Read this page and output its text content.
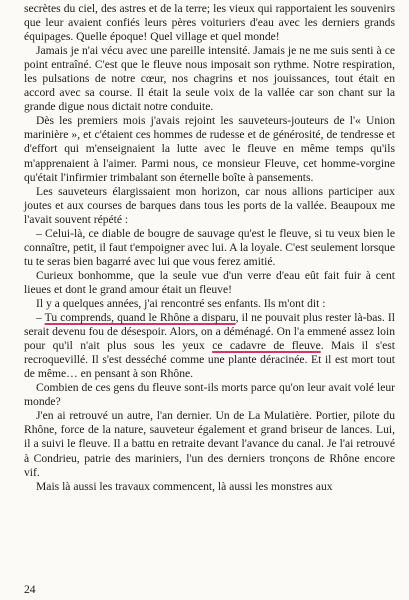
secrètes du ciel, des astres et de la terre; les vieux qui rapportaient les souvenirs que leur avaient confiés leurs pères voituriers d'eau avec les derniers grands équipages. Quelle époque! Quel village et quel monde!

Jamais je n'ai vécu avec une pareille intensité. Jamais je ne me suis senti à ce point entraîné. C'est que le fleuve nous imposait son rythme. Notre respiration, les pulsations de notre cœur, nos chagrins et nos jouissances, tout était en accord avec sa course. Il était la seule voix de la vallée car son chant sur la grande digue nous dictait notre conduite.

Dès les premiers mois j'avais rejoint les sauveteurs-jouteurs de l'« Union marinière », et c'étaient ces hommes de rudesse et de générosité, de tendresse et d'effort qui m'enseignaient la lutte avec le fleuve en même temps qu'ils m'apprenaient à l'aimer. Parmi nous, ce monsieur Fleuve, cet homme-vorgine qu'était l'infirmier trimbalant son éternelle boîte à pansements.

Les sauveteurs élargissaient mon horizon, car nous allions participer aux joutes et aux courses de barques dans tous les ports de la vallée. Beaupoux me l'avait souvent répété :

– Celui-là, ce diable de bougre de sauvage qu'est le fleuve, si tu veux bien le connaître, petit, il faut t'empoigner avec lui. A la loyale. C'est seulement lorsque tu te seras bien bagarré avec lui que vous ferez amitié.

Curieux bonhomme, que la seule vue d'un verre d'eau eût fait fuir à cent lieues et dont le grand amour était un fleuve!

Il y a quelques années, j'ai rencontré ses enfants. Ils m'ont dit :

– Tu comprends, quand le Rhône a disparu, il ne pouvait plus rester là-bas. Il serait devenu fou de désespoir. Alors, on a déménagé. On l'a emmené assez loin pour qu'il n'ait plus sous les yeux ce cadavre de fleuve. Mais il s'est recroquevillé. Il s'est desséché comme une plante déracinée. Et il est mort tout de même… en pensant à son Rhône.

Combien de ces gens du fleuve sont-ils morts parce qu'on leur avait volé leur monde?

J'en ai retrouvé un autre, l'an dernier. Un de La Mulatière. Portier, pilote du Rhône, force de la nature, sauveteur également et grand briseur de lances. Lui, il a suivi le fleuve. Il a battu en retraite devant l'avance du canal. Je l'ai retrouvé à Condrieu, patrie des mariniers, l'un des derniers tronçons de Rhône encore vif.

Mais là aussi les travaux commencent, là aussi les monstres aux

24
